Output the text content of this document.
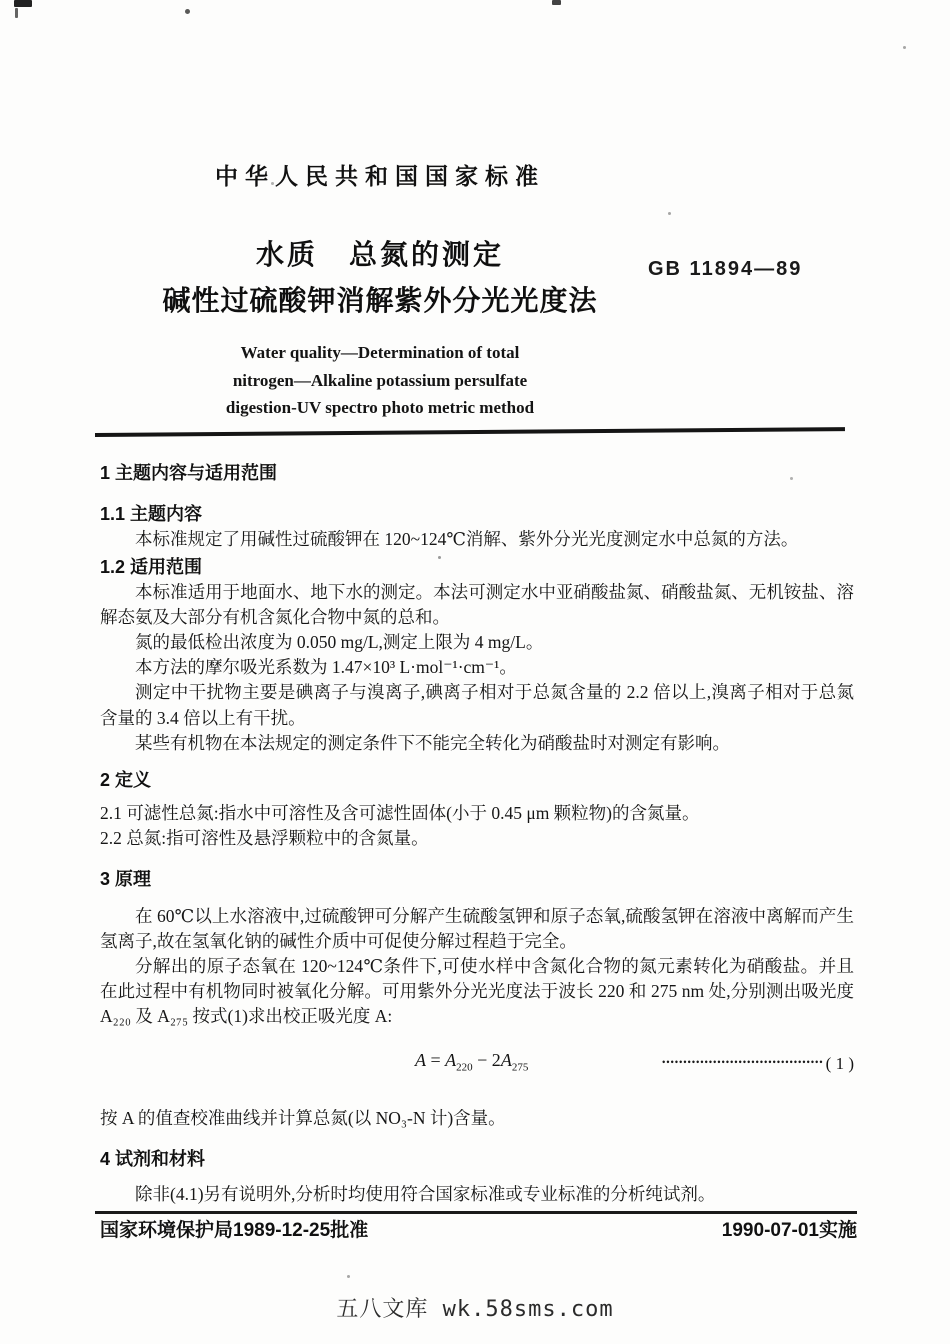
中华人民共和国国家标准
水质　总氮的测定
碱性过硫酸钾消解紫外分光光度法
Water quality—Determination of total
nitrogen—Alkaline potassium persulfate
digestion-UV spectro photo metric method
GB 11894—89
1 主题内容与适用范围
1.1 主题内容

本标准规定了用碱性过硫酸钾在 120~124℃消解、紫外分光光度测定水中总氮的方法。

1.2 适用范围

本标准适用于地面水、地下水的测定。本法可测定水中亚硝酸盐氮、硝酸盐氮、无机铵盐、溶解态氨及大部分有机含氮化合物中氮的总和。

氮的最低检出浓度为 0.050 mg/L,测定上限为 4 mg/L。

本方法的摩尔吸光系数为 1.47×10³ L·mol⁻¹·cm⁻¹。

测定中干扰物主要是碘离子与溴离子,碘离子相对于总氮含量的 2.2 倍以上,溴离子相对于总氮含量的 3.4 倍以上有干扰。

某些有机物在本法规定的测定条件下不能完全转化为硝酸盐时对测定有影响。

2 定义

2.1 可滤性总氮:指水中可溶性及含可滤性固体(小于 0.45 μm 颗粒物)的含氮量。

2.2 总氮:指可溶性及悬浮颗粒中的含氮量。

3 原理

在 60℃以上水溶液中,过硫酸钾可分解产生硫酸氢钾和原子态氧,硫酸氢钾在溶液中离解而产生氢离子,故在氢氧化钠的碱性介质中可促使分解过程趋于完全。

分解出的原子态氧在 120~124℃条件下,可使水样中含氮化合物的氮元素转化为硝酸盐。并且在此过程中有机物同时被氧化分解。可用紫外分光光度法于波长 220 和 275 nm 处,分别测出吸光度 A₂₂₀ 及 A₂₇₅ 按式(1)求出校正吸光度 A:

$A = A_{220} - 2A_{275}$	•••••••••••••••••••••••••••••••••••••• ( 1 )

按 A 的值查校准曲线并计算总氮(以 NO₃-N 计)含量。

4 试剂和材料

除非(4.1)另有说明外,分析时均使用符合国家标准或专业标准的分析纯试剂。

国家环境保护局1989-12-25批准	1990-07-01实施
五八文库 wk.58sms.com
